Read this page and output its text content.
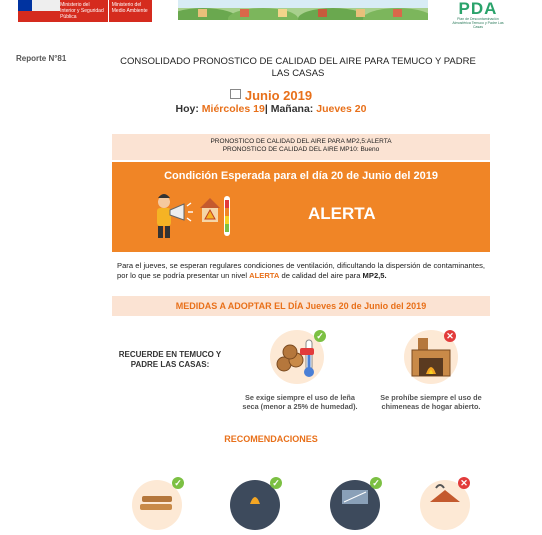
Ministerio del Interior y Seguridad Pública
Ministerio del Medio Ambiente	PDA
Plan de Descontaminación Atmosférica Temuco y Padre Las Casas
Reporte N°81	CONSOLIDADO PRONOSTICO DE CALIDAD DEL AIRE PARA TEMUCO Y PADRE LAS CASAS
Junio 2019
Hoy: Miércoles 19| Mañana: Jueves 20
PRONOSTICO DE CALIDAD DEL AIRE PARA MP2,5:ALERTA
PRONOSTICO DE CALIDAD DEL AIRE MP10: Bueno
Condición Esperada para el día 20 de Junio del 2019
ALERTA
Para el jueves, se esperan regulares condiciones de ventilación, dificultando la dispersión de contaminantes, por lo que se podría presentar un nivel ALERTA de calidad del aire para MP2,5.
MEDIDAS A ADOPTAR EL DÍA Jueves 20 de Junio del 2019
RECUERDE EN TEMUCO Y PADRE LAS CASAS:
✓
Se exige siempre el uso de leña seca (menor a 25% de humedad).
✕
Se prohíbe siempre el uso de chimeneas de hogar abierto.
RECOMENDACIONES
✓	✓	✓	✕
